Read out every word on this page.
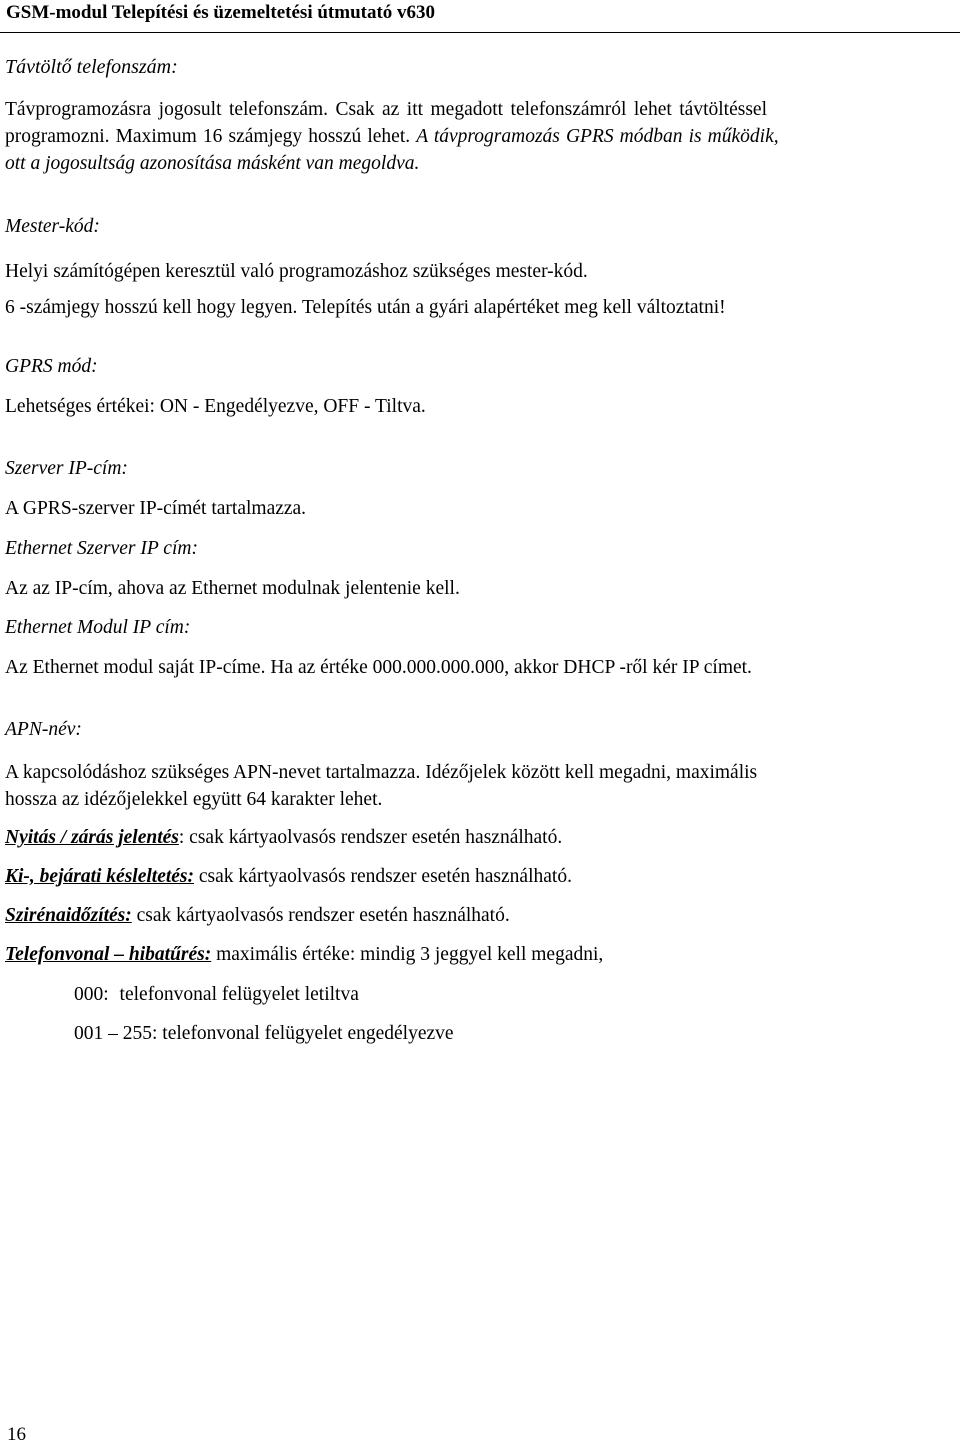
GSM-modul Telepítési és üzemeltetési útmutató v630
Távtöltő telefonszám:
Távprogramozásra jogosult telefonszám. Csak az itt megadott telefonszámról lehet távtöltéssel
programozni. Maximum 16 számjegy hosszú lehet. A távprogramozás GPRS módban is működik,
ott a jogosultság azonosítása másként van megoldva.
Mester-kód:
Helyi számítógépen keresztül való programozáshoz szükséges mester-kód.
6 -számjegy hosszú kell hogy legyen. Telepítés után a gyári alapértéket meg kell változtatni!
GPRS mód:
Lehetséges értékei: ON - Engedélyezve, OFF - Tiltva.
Szerver IP-cím:
A GPRS-szerver IP-címét tartalmazza.
Ethernet Szerver IP cím:
Az az IP-cím, ahova az Ethernet modulnak jelentenie kell.
Ethernet Modul IP cím:
Az Ethernet modul saját IP-címe. Ha az értéke 000.000.000.000, akkor DHCP -ről kér IP címet.
APN-név:
A kapcsolódáshoz szükséges APN-nevet tartalmazza. Idézőjelek között kell megadni, maximális
hossza az idézőjelekkel együtt 64 karakter lehet.
Nyitás / zárás jelentés: csak kártyaolvasós rendszer esetén használható.
Ki-, bejárati késleltetés: csak kártyaolvasós rendszer esetén használható.
Szirénaidőzítés: csak kártyaolvasós rendszer esetén használható.
Telefonvonal – hibatűrés: maximális értéke: mindig 3 jeggyel kell megadni,
000: telefonvonal felügyelet letiltva
001 – 255: telefonvonal felügyelet engedélyezve
16
